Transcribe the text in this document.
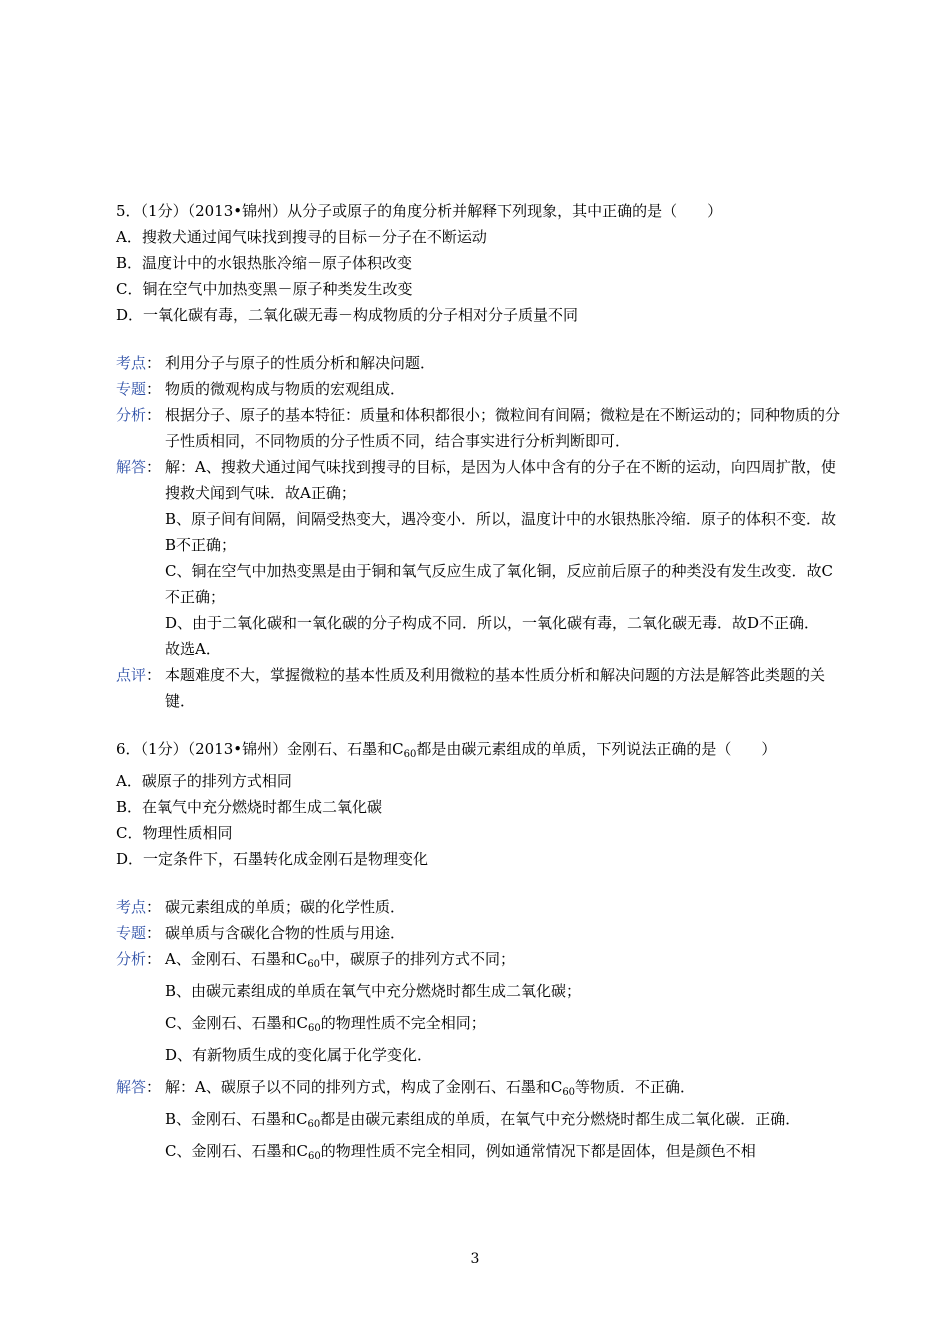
5．（1分）（2013•锦州）从分子或原子的角度分析并解释下列现象，其中正确的是（　　）
A．搜救犬通过闻气味找到搜寻的目标－分子在不断运动
B．温度计中的水银热胀冷缩－原子体积改变
C．铜在空气中加热变黑－原子种类发生改变
D．一氧化碳有毒，二氧化碳无毒－构成物质的分子相对分子质量不同
考点： 利用分子与原子的性质分析和解决问题．

专题： 物质的微观构成与物质的宏观组成．

分析： 根据分子、原子的基本特征：质量和体积都很小；微粒间有间隔；微粒是在不断运动的；同种物质的分子性质相同，不同物质的分子性质不同，结合事实进行分析判断即可．

解答： 解：A、搜救犬通过闻气味找到搜寻的目标，是因为人体中含有的分子在不断的运动，向四周扩散，使搜救犬闻到气味．故A正确；

B、原子间有间隔，间隔受热变大，遇冷变小．所以，温度计中的水银热胀冷缩．原子的体积不变．故B不正确；

C、铜在空气中加热变黑是由于铜和氧气反应生成了氧化铜，反应前后原子的种类没有发生改变．故C不正确；

D、由于二氧化碳和一氧化碳的分子构成不同．所以，一氧化碳有毒，二氧化碳无毒．故D不正确．

故选A．

点评： 本题难度不大，掌握微粒的基本性质及利用微粒的基本性质分析和解决问题的方法是解答此类题的关键．

6．（1分）（2013•锦州）金刚石、石墨和$C_{60}$都是由碳元素组成的单质，下列说法正确的是（　　）
A．碳原子的排列方式相同
B．在氧气中充分燃烧时都生成二氧化碳
C．物理性质相同
D．一定条件下，石墨转化成金刚石是物理变化
考点： 碳元素组成的单质；碳的化学性质．

专题： 碳单质与含碳化合物的性质与用途．

分析： A、金刚石、石墨和$C_{60}$中，碳原子的排列方式不同；

B、由碳元素组成的单质在氧气中充分燃烧时都生成二氧化碳；

C、金刚石、石墨和$C_{60}$的物理性质不完全相同；

D、有新物质生成的变化属于化学变化．

解答： 解：A、碳原子以不同的排列方式，构成了金刚石、石墨和$C_{60}$等物质．不正确．

B、金刚石、石墨和$C_{60}$都是由碳元素组成的单质，在氧气中充分燃烧时都生成二氧化碳．正确．

C、金刚石、石墨和$C_{60}$的物理性质不完全相同，例如通常情况下都是固体，但是颜色不相

3
